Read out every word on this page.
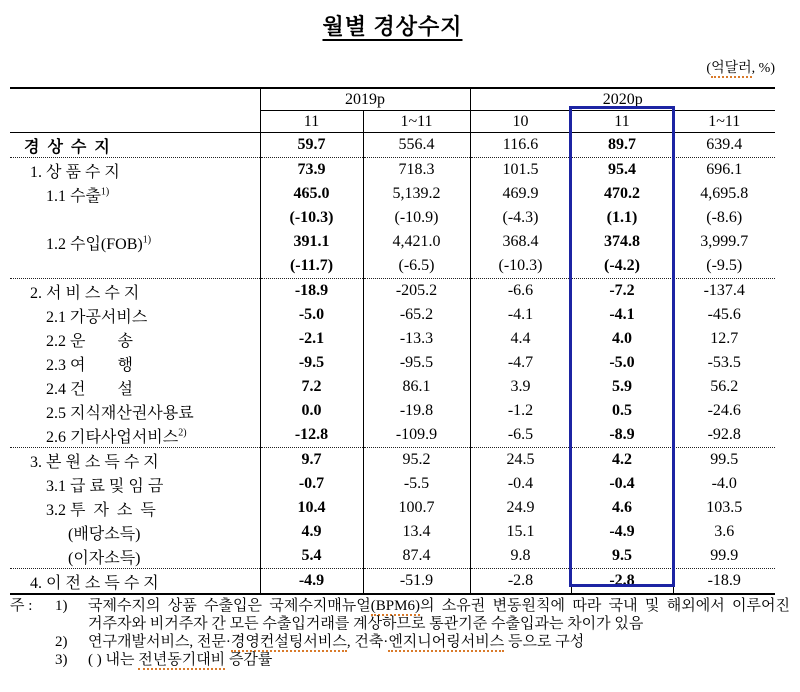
월별 경상수지
(억달러, %)
	2019p		2020p		
	11	1~11	10	11	1~11
경  상  수  지	59.7	556.4	116.6	89.7	639.4
1. 상 품 수 지	73.9	718.3	101.5	95.4	696.1
1.1 수출$^{1)}$	465.0	5,139.2	469.9	470.2	4,695.8
	(-10.3)	(-10.9)	(-4.3)	(1.1)	(-8.6)
1.2 수입(FOB)$^{1)}$	391.1	4,421.0	368.4	374.8	3,999.7
	(-11.7)	(-6.5)	(-10.3)	(-4.2)	(-9.5)
2. 서 비 스 수 지	-18.9	-205.2	-6.6	-7.2	-137.4
2.1 가공서비스	-5.0	-65.2	-4.1	-4.1	-45.6
2.2 운        송	-2.1	-13.3	4.4	4.0	12.7
2.3 여        행	-9.5	-95.5	-4.7	-5.0	-53.5
2.4 건        설	7.2	86.1	3.9	5.9	56.2
2.5 지식재산권사용료	0.0	-19.8	-1.2	0.5	-24.6
2.6 기타사업서비스$^{2)}$	-12.8	-109.9	-6.5	-8.9	-92.8
3. 본 원 소 득 수 지	9.7	95.2	24.5	4.2	99.5
3.1 급 료 및 임 금	-0.7	-5.5	-0.4	-0.4	-4.0
3.2 투  자  소  득	10.4	100.7	24.9	4.6	103.5
(배당소득)	4.9	13.4	15.1	-4.9	3.6
(이자소득)	5.4	87.4	9.8	9.5	99.9
4. 이 전 소 득 수 지	-4.9	-51.9	-2.8	-2.8	-18.9
주 :	1)	국제수지의 상품 수출입은 국제수지매뉴얼(BPM6)의 소유권 변동원칙에 따라 국내 및 해외에서 이루어진 거주자와 비거주자 간 모든 수출입거래를 계상하므로 통관기준 수출입과는 차이가 있음
2)	연구개발서비스, 전문·경영컨설팅서비스, 건축·엔지니어링서비스 등으로 구성
3)	( ) 내는 전년동기대비 증감률
